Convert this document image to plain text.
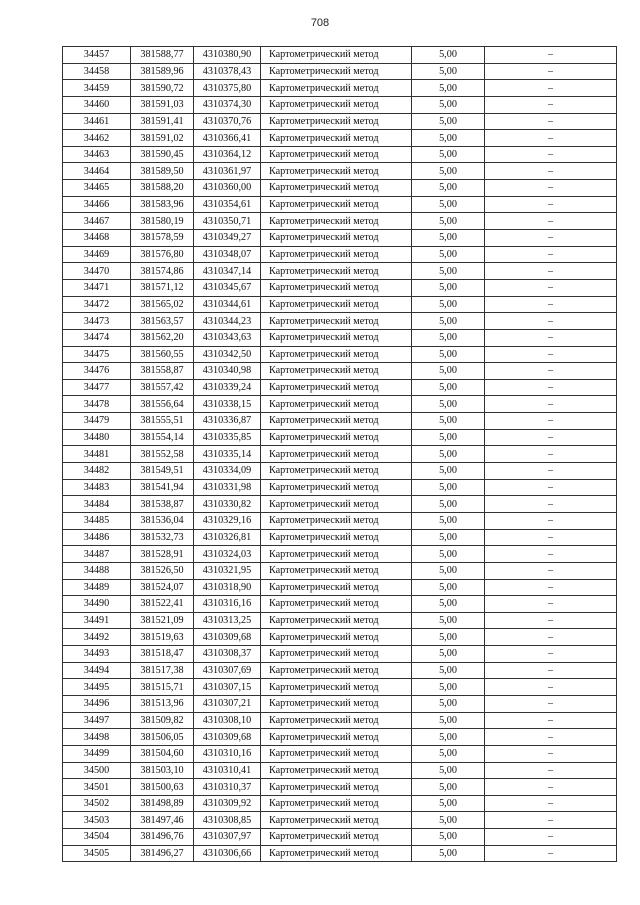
708
34457	381588,77	4310380,90	Картометрический метод	5,00	–
34458	381589,96	4310378,43	Картометрический метод	5,00	–
34459	381590,72	4310375,80	Картометрический метод	5,00	–
34460	381591,03	4310374,30	Картометрический метод	5,00	–
34461	381591,41	4310370,76	Картометрический метод	5,00	–
34462	381591,02	4310366,41	Картометрический метод	5,00	–
34463	381590,45	4310364,12	Картометрический метод	5,00	–
34464	381589,50	4310361,97	Картометрический метод	5,00	–
34465	381588,20	4310360,00	Картометрический метод	5,00	–
34466	381583,96	4310354,61	Картометрический метод	5,00	–
34467	381580,19	4310350,71	Картометрический метод	5,00	–
34468	381578,59	4310349,27	Картометрический метод	5,00	–
34469	381576,80	4310348,07	Картометрический метод	5,00	–
34470	381574,86	4310347,14	Картометрический метод	5,00	–
34471	381571,12	4310345,67	Картометрический метод	5,00	–
34472	381565,02	4310344,61	Картометрический метод	5,00	–
34473	381563,57	4310344,23	Картометрический метод	5,00	–
34474	381562,20	4310343,63	Картометрический метод	5,00	–
34475	381560,55	4310342,50	Картометрический метод	5,00	–
34476	381558,87	4310340,98	Картометрический метод	5,00	–
34477	381557,42	4310339,24	Картометрический метод	5,00	–
34478	381556,64	4310338,15	Картометрический метод	5,00	–
34479	381555,51	4310336,87	Картометрический метод	5,00	–
34480	381554,14	4310335,85	Картометрический метод	5,00	–
34481	381552,58	4310335,14	Картометрический метод	5,00	–
34482	381549,51	4310334,09	Картометрический метод	5,00	–
34483	381541,94	4310331,98	Картометрический метод	5,00	–
34484	381538,87	4310330,82	Картометрический метод	5,00	–
34485	381536,04	4310329,16	Картометрический метод	5,00	–
34486	381532,73	4310326,81	Картометрический метод	5,00	–
34487	381528,91	4310324,03	Картометрический метод	5,00	–
34488	381526,50	4310321,95	Картометрический метод	5,00	–
34489	381524,07	4310318,90	Картометрический метод	5,00	–
34490	381522,41	4310316,16	Картометрический метод	5,00	–
34491	381521,09	4310313,25	Картометрический метод	5,00	–
34492	381519,63	4310309,68	Картометрический метод	5,00	–
34493	381518,47	4310308,37	Картометрический метод	5,00	–
34494	381517,38	4310307,69	Картометрический метод	5,00	–
34495	381515,71	4310307,15	Картометрический метод	5,00	–
34496	381513,96	4310307,21	Картометрический метод	5,00	–
34497	381509,82	4310308,10	Картометрический метод	5,00	–
34498	381506,05	4310309,68	Картометрический метод	5,00	–
34499	381504,60	4310310,16	Картометрический метод	5,00	–
34500	381503,10	4310310,41	Картометрический метод	5,00	–
34501	381500,63	4310310,37	Картометрический метод	5,00	–
34502	381498,89	4310309,92	Картометрический метод	5,00	–
34503	381497,46	4310308,85	Картометрический метод	5,00	–
34504	381496,76	4310307,97	Картометрический метод	5,00	–
34505	381496,27	4310306,66	Картометрический метод	5,00	–
